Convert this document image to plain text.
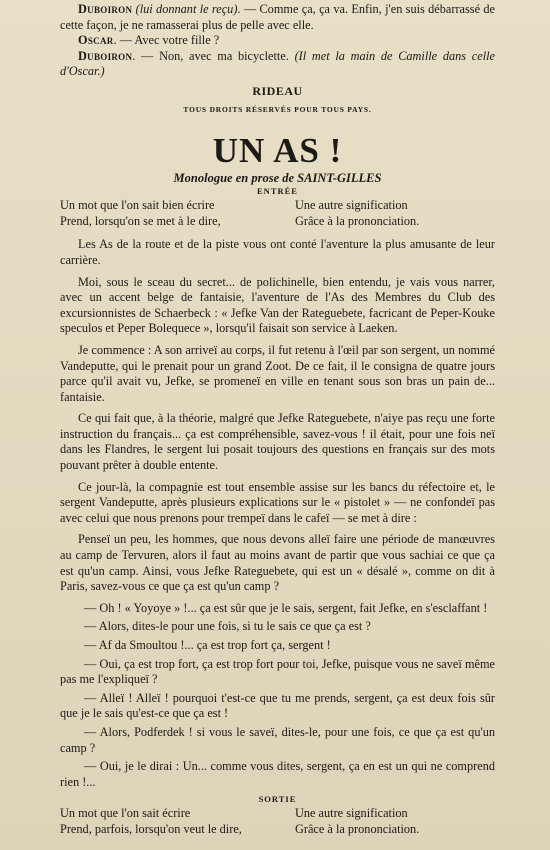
Duboiron (lui donnant le reçu). — Comme ça, ça va. Enfin, j'en suis débarrassé de cette façon, je ne ramasserai plus de pelle avec elle.

Oscar. — Avec votre fille ?

Duboiron. — Non, avec ma bicyclette. (Il met la main de Camille dans celle d'Oscar.)

RIDEAU
TOUS DROITS RÉSERVÉS POUR TOUS PAYS.
UN AS !
Monologue en prose de SAINT-GILLES
ENTRÉE
Un mot que l'on sait bien écrire	Une autre signification
Prend, lorsqu'on se met à le dire,	Grâce à la prononciation.

Les As de la route et de la piste vous ont conté l'aventure la plus amusante de leur carrière.

Moi, sous le sceau du secret... de polichinelle, bien entendu, je vais vous narrer, avec un accent belge de fantaisie, l'aventure de l'As des Membres du Club des excursionnistes de Schaerbeck : « Jefke Van der Rateguebete, facricant de Peper-Kouke speculos et Peper Bolequece », lorsqu'il faisait son service à Laeken.

Je commence : A son arriveï au corps, il fut retenu à l'œil par son sergent, un nommé Vandeputte, qui le prenait pour un grand Zoot. De ce fait, il le consigna de quatre jours parce qu'il avait vu, Jefke, se promeneï en ville en tenant sous son bras un pain de... fantaisie.

Ce qui fait que, à la théorie, malgré que Jefke Rateguebete, n'aiye pas reçu une forte instruction du français... ça est compréhensible, savez-vous ! il était, pour une fois neï dans les Flandres, le sergent lui posait toujours des questions en français sur des mots pouvant prêter à double entente.

Ce jour-là, la compagnie est tout ensemble assise sur les bancs du réfectoire et, le sergent Vandeputte, après plusieurs explications sur le « pistolet » — ne confondeï pas avec celui que nous prenons pour trempeï dans le cafeï — se met à dire :

Penseï un peu, les hommes, que nous devons alleï faire une période de manœuvres au camp de Tervuren, alors il faut au moins avant de partir que vous sachiai ce que ça est qu'un camp. Ainsi, vous Jefke Rateguebete, qui est un « désalé », comme on dit à Paris, savez-vous ce que ça est qu'un camp ?

— Oh ! « Yoyoye » !... ça est sûr que je le sais, sergent, fait Jefke, en s'esclaffant !

— Alors, dites-le pour une fois, si tu le sais ce que ça est ?

— Af da Smoultou !... ça est trop fort ça, sergent !

— Oui, ça est trop fort, ça est trop fort pour toi, Jefke, puisque vous ne saveï même pas me l'expliqueï ?

— Alleï ! Alleï ! pourquoi t'est-ce que tu me prends, sergent, ça est deux fois sûr que je le sais qu'est-ce que ça est !

— Alors, Podferdek ! si vous le saveï, dites-le, pour une fois, ce que ça est qu'un camp ?

— Oui, je le dirai : Un... comme vous dites, sergent, ça en est un qui ne comprend rien !...

SORTIE
Un mot que l'on sait écrire	Une autre signification
Prend, parfois, lorsqu'on veut le dire,	Grâce à la prononciation.
